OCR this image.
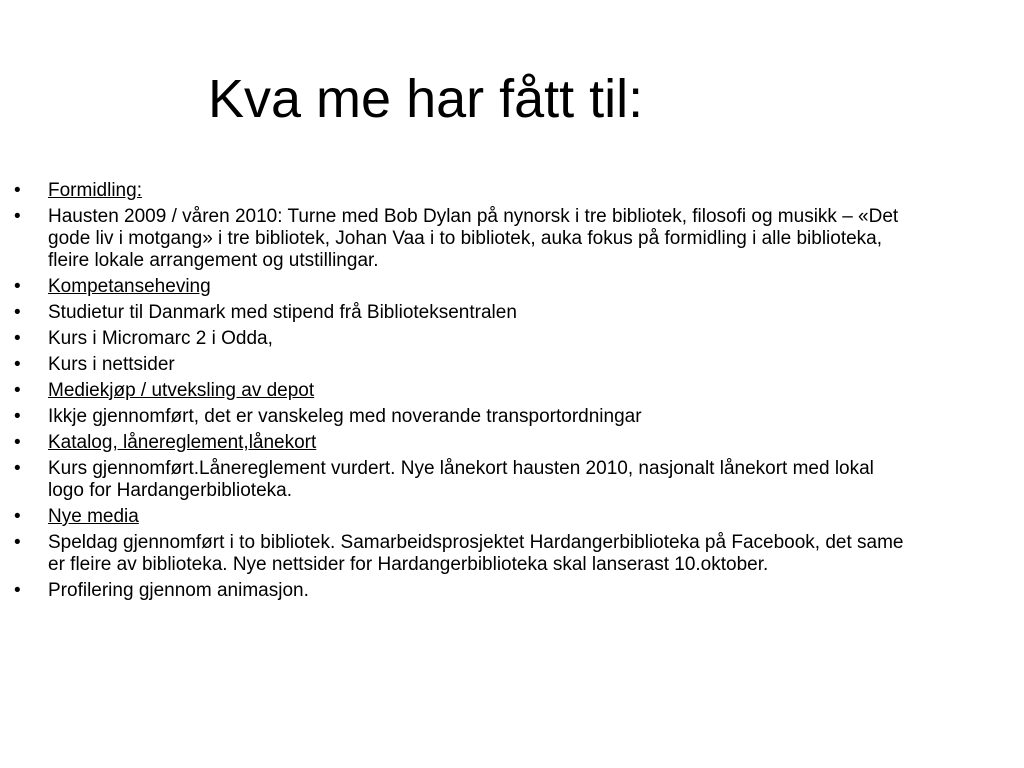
Kva me har fått til:
•	Formidling:
•	Hausten 2009 / våren 2010: Turne med Bob Dylan på nynorsk i tre bibliotek, filosofi og musikk – «Det gode liv i motgang» i tre bibliotek, Johan Vaa i to bibliotek, auka fokus på formidling i alle biblioteka, fleire lokale arrangement og utstillingar.
•	Kompetanseheving
•	Studietur til Danmark med stipend frå Biblioteksentralen
•	Kurs i Micromarc 2 i Odda,
•	Kurs i nettsider
•	Mediekjøp / utveksling av depot
•	Ikkje gjennomført, det er vanskeleg med noverande transportordningar
•	Katalog, lånereglement,lånekort
•	Kurs gjennomført.Lånereglement vurdert. Nye lånekort hausten 2010, nasjonalt lånekort med lokal logo for Hardangerbiblioteka.
•	Nye media
•	Speldag gjennomført i to bibliotek. Samarbeidsprosjektet Hardangerbiblioteka på Facebook, det same er fleire av biblioteka. Nye nettsider for Hardangerbiblioteka skal lanserast 10.oktober.
•	Profilering gjennom animasjon.
